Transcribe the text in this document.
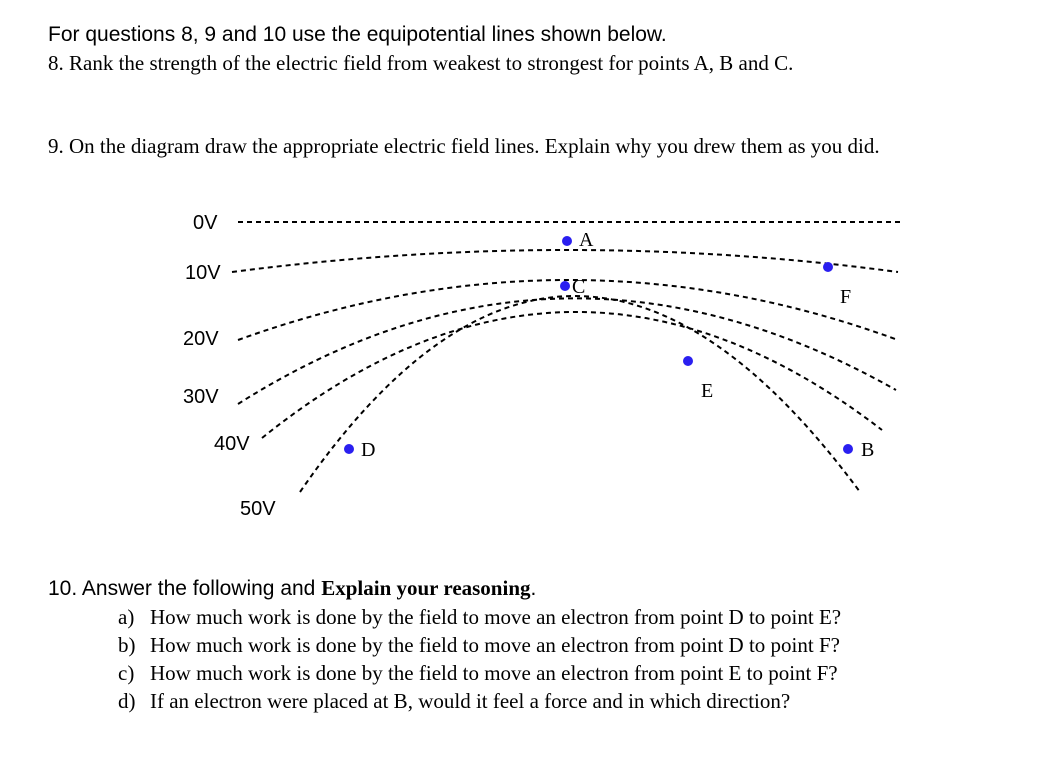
For questions 8, 9 and 10 use the equipotential lines shown below.
8. Rank the strength of the electric field from weakest to strongest for points A, B and C.
9. On the diagram draw the appropriate electric field lines. Explain why you drew them as you did.
0V
10V
20V
30V
40V
50V
A
C	F
E
D	B
10. Answer the following and Explain your reasoning.
a) How much work is done by the field to move an electron from point D to point E?
b) How much work is done by the field to move an electron from point D to point F?
c) How much work is done by the field to move an electron from point E to point F?
d) If an electron were placed at B, would it feel a force and in which direction?
